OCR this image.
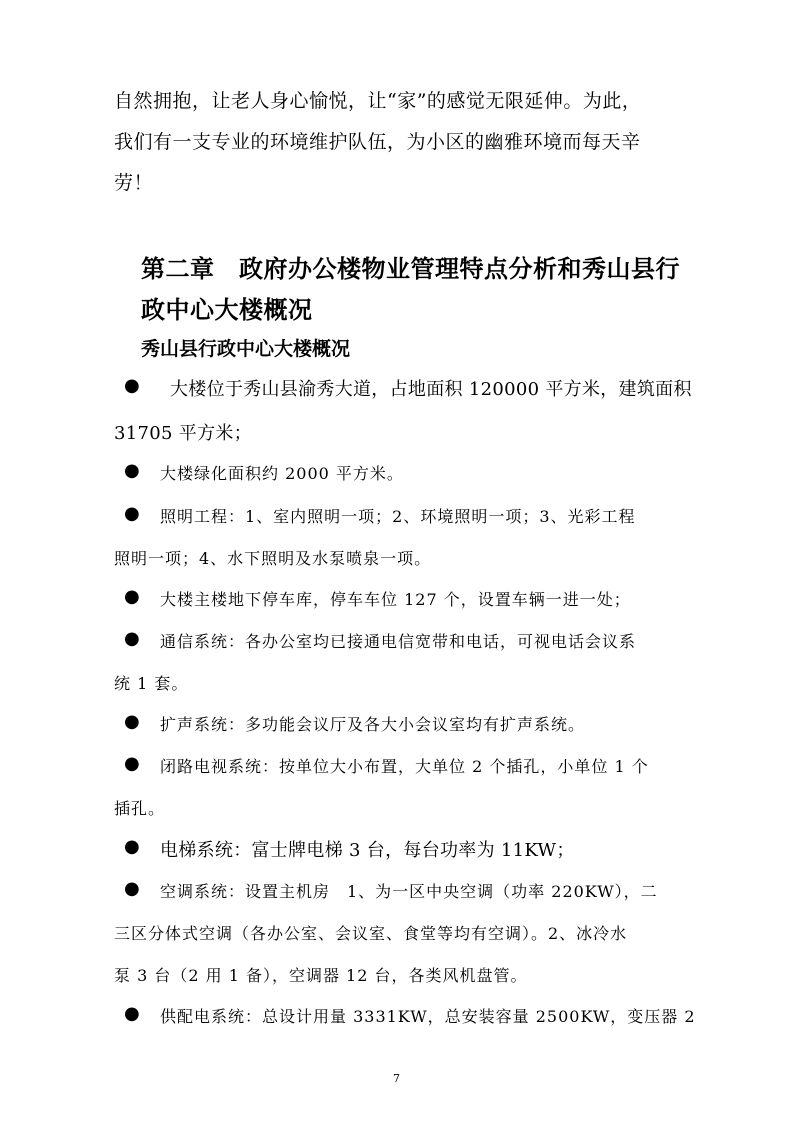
自然拥抱，让老人身心愉悦，让“家”的感觉无限延伸。为此，

我们有一支专业的环境维护队伍，为小区的幽雅环境而每天辛

劳！

第二章　政府办公楼物业管理特点分析和秀山县行
政中心大楼概况
秀山县行政中心大楼概况
● 大楼位于秀山县渝秀大道，占地面积 120000 平方米，建筑面积

31705 平方米；

● 大楼绿化面积约 2000 平方米。

● 照明工程：1、室内照明一项；2、环境照明一项；3、光彩工程

照明一项；4、水下照明及水泵喷泉一项。

● 大楼主楼地下停车库，停车车位 127 个，设置车辆一进一处；

● 通信系统：各办公室均已接通电信宽带和电话，可视电话会议系

统 1 套。

● 扩声系统：多功能会议厅及各大小会议室均有扩声系统。

● 闭路电视系统：按单位大小布置，大单位 2 个插孔，小单位 1 个

插孔。

● 电梯系统：富士牌电梯 3 台，每台功率为 11KW；

● 空调系统：设置主机房　1、为一区中央空调（功率 220KW），二

三区分体式空调（各办公室、会议室、食堂等均有空调）。2、冰冷水

泵 3 台（2 用 1 备），空调器 12 台，各类风机盘管。

● 供配电系统：总设计用量 3331KW，总安装容量 2500KW，变压器 2

7
